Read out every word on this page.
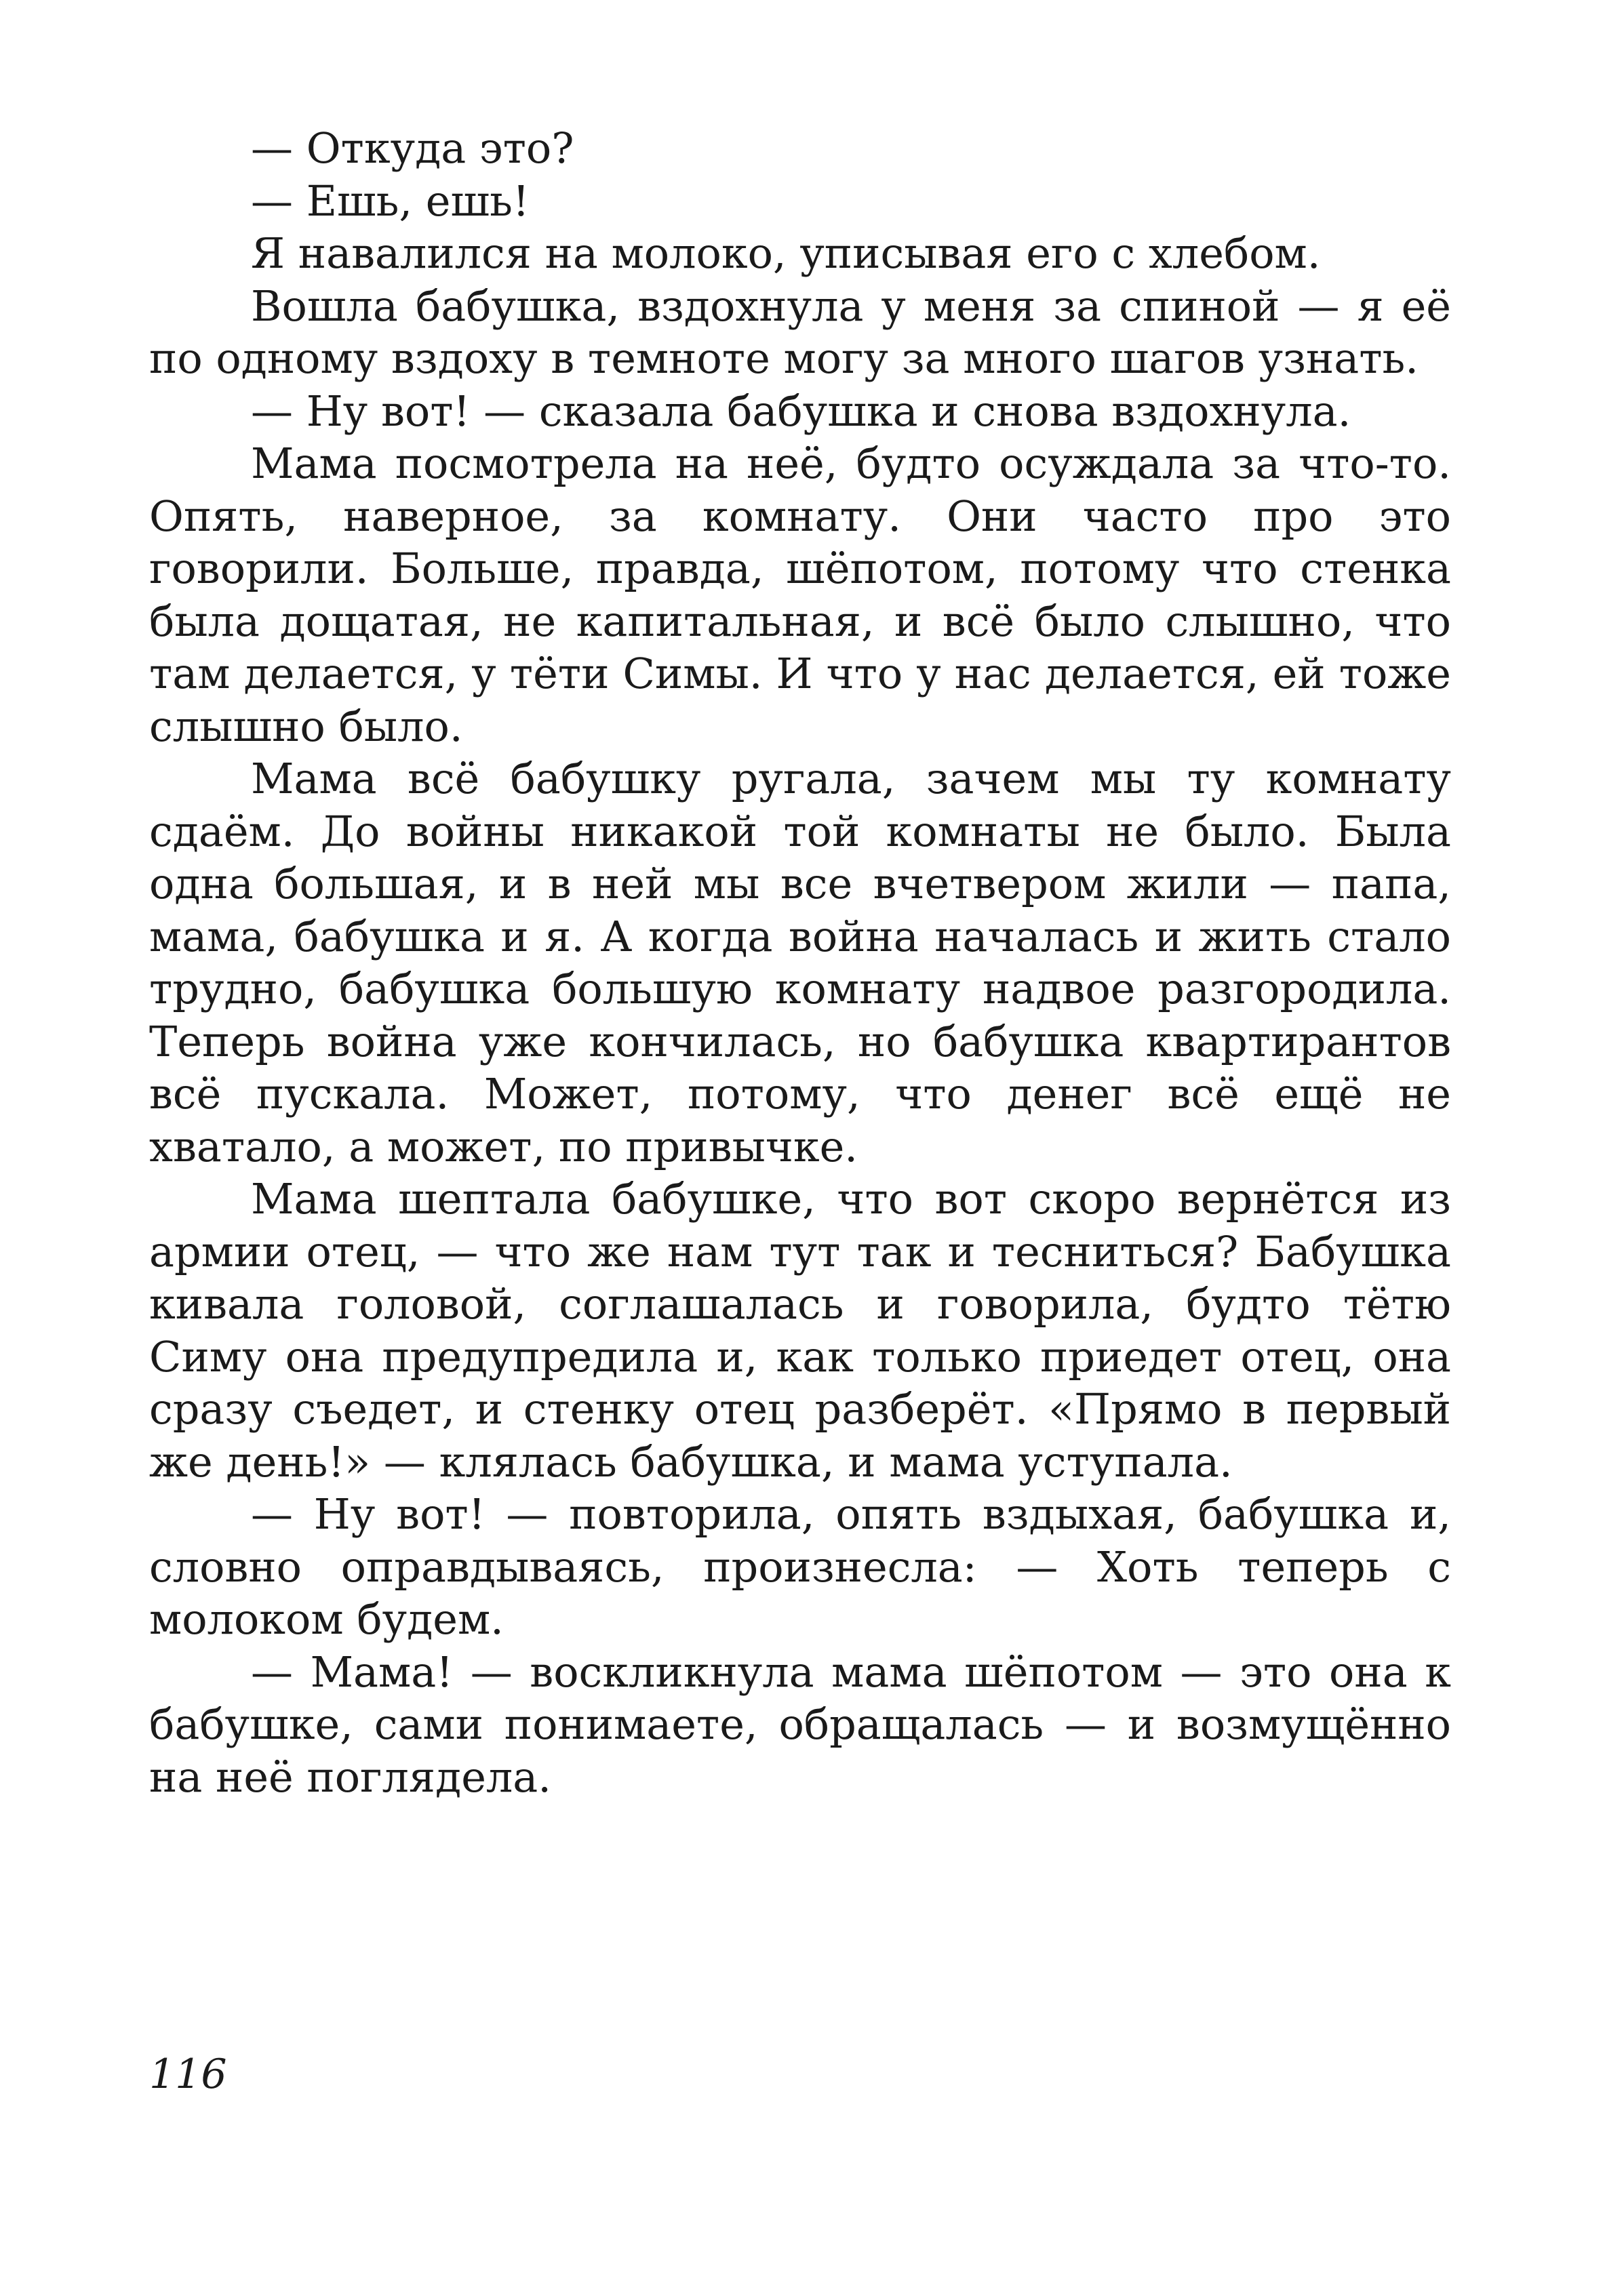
— Откуда это?

— Ешь, ешь!

Я навалился на молоко, уписывая его с хлебом.

Вошла бабушка, вздохнула у меня за спиной — я её по одному вздоху в темноте могу за много шагов узнать.

— Ну вот! — сказала бабушка и снова вздохнула.

Мама посмотрела на неё, будто осуждала за что-то. Опять, наверное, за комнату. Они часто про это говорили. Больше, правда, шёпотом, потому что стенка была дощатая, не капитальная, и всё было слышно, что там делается, у тёти Симы. И что у нас делается, ей тоже слышно было.

Мама всё бабушку ругала, зачем мы ту комнату сдаём. До войны никакой той комнаты не было. Была одна большая, и в ней мы все вчетвером жили — папа, мама, бабушка и я. А когда война началась и жить стало трудно, бабушка большую комнату надвое разгородила. Теперь война уже кончилась, но бабушка квартирантов всё пускала. Может, потому, что денег всё ещё не хватало, а может, по привычке.

Мама шептала бабушке, что вот скоро вернётся из армии отец, — что же нам тут так и тесниться? Бабушка кивала головой, соглашалась и говорила, будто тётю Симу она предупредила и, как только приедет отец, она сразу съедет, и стенку отец разберёт. «Прямо в первый же день!» — клялась бабушка, и мама уступала.

— Ну вот! — повторила, опять вздыхая, бабушка и, словно оправдываясь, произнесла: — Хоть теперь с молоком будем.

— Мама! — воскликнула мама шёпотом — это она к бабушке, сами понимаете, обращалась — и возмущённо на неё поглядела.

116
